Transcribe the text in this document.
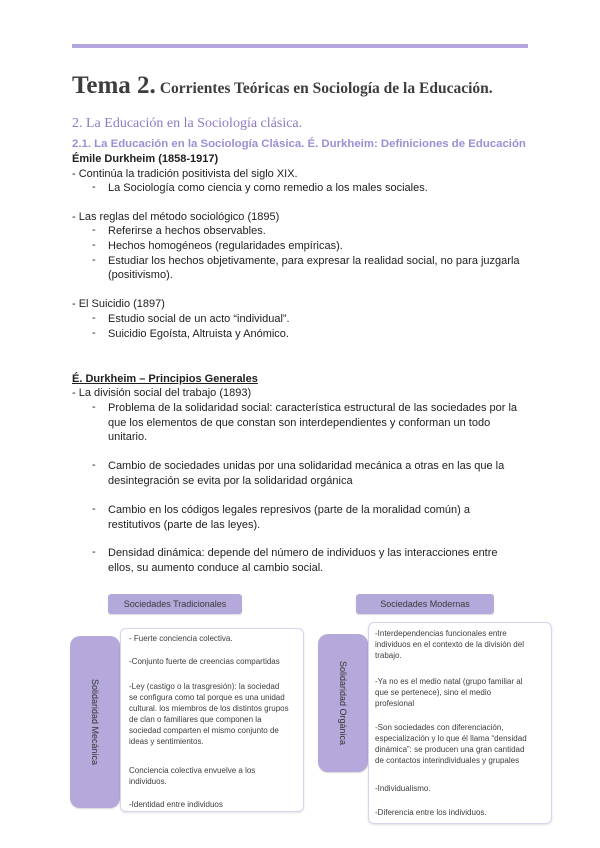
Tema 2. Corrientes Teóricas en Sociología de la Educación.
2. La Educación en la Sociología clásica.
2.1. La Educación en la Sociología Clásica. É. Durkheim: Definiciones de Educación
Émile Durkheim (1858-1917)
- Continúa la tradición positivista del siglo XIX.
- La Sociología como ciencia y como remedio a los males sociales.
- Las reglas del método sociológico (1895)
- Referirse a hechos observables.
- Hechos homogéneos (regularidades empíricas).
- Estudiar los hechos objetivamente, para expresar la realidad social, no para juzgarla
(positivismo).
- El Suicidio (1897)
- Estudio social de un acto “individual”.
- Suicidio Egoísta, Altruista y Anómico.
É. Durkheim – Principios Generales
- La división social del trabajo (1893)
- Problema de la solidaridad social: característica estructural de las sociedades por la
que los elementos de que constan son interdependientes y conforman un todo
unitario.
- Cambio de sociedades unidas por una solidaridad mecánica a otras en las que la
desintegración se evita por la solidaridad orgánica
- Cambio en los códigos legales represivos (parte de la moralidad común) a
restitutivos (parte de las leyes).
- Densidad dinámica: depende del número de individuos y las interacciones entre
ellos, su aumento conduce al cambio social.
Sociedades Tradicionales	Sociedades Modernas
Solidaridad Mecánica	Solidaridad Orgánica

- Fuerte conciencia colectiva.

-Conjunto fuerte de creencias compartidas

-Ley (castigo o la trasgresión): la sociedad

se configura como tal porque es una unidad

cultural. los miembros de los distintos grupos

de clan o familiares que componen la

sociedad comparten el mismo conjunto de

ideas y sentimientos.

Conciencia colectiva envuelve a los

individuos.

-Identidad entre individuos

-Interdependencias funcionales entre

individuos en el contexto de la división del

trabajo.

-Ya no es el medio natal (grupo familiar al

que se pertenece), sino el medio

profesional

-Son sociedades con diferenciación,

especialización y lo que él llama “densidad

dinámica”: se producen una gran cantidad

de contactos interindividuales y grupales

-Individualismo.

-Diferencia entre los individuos.
